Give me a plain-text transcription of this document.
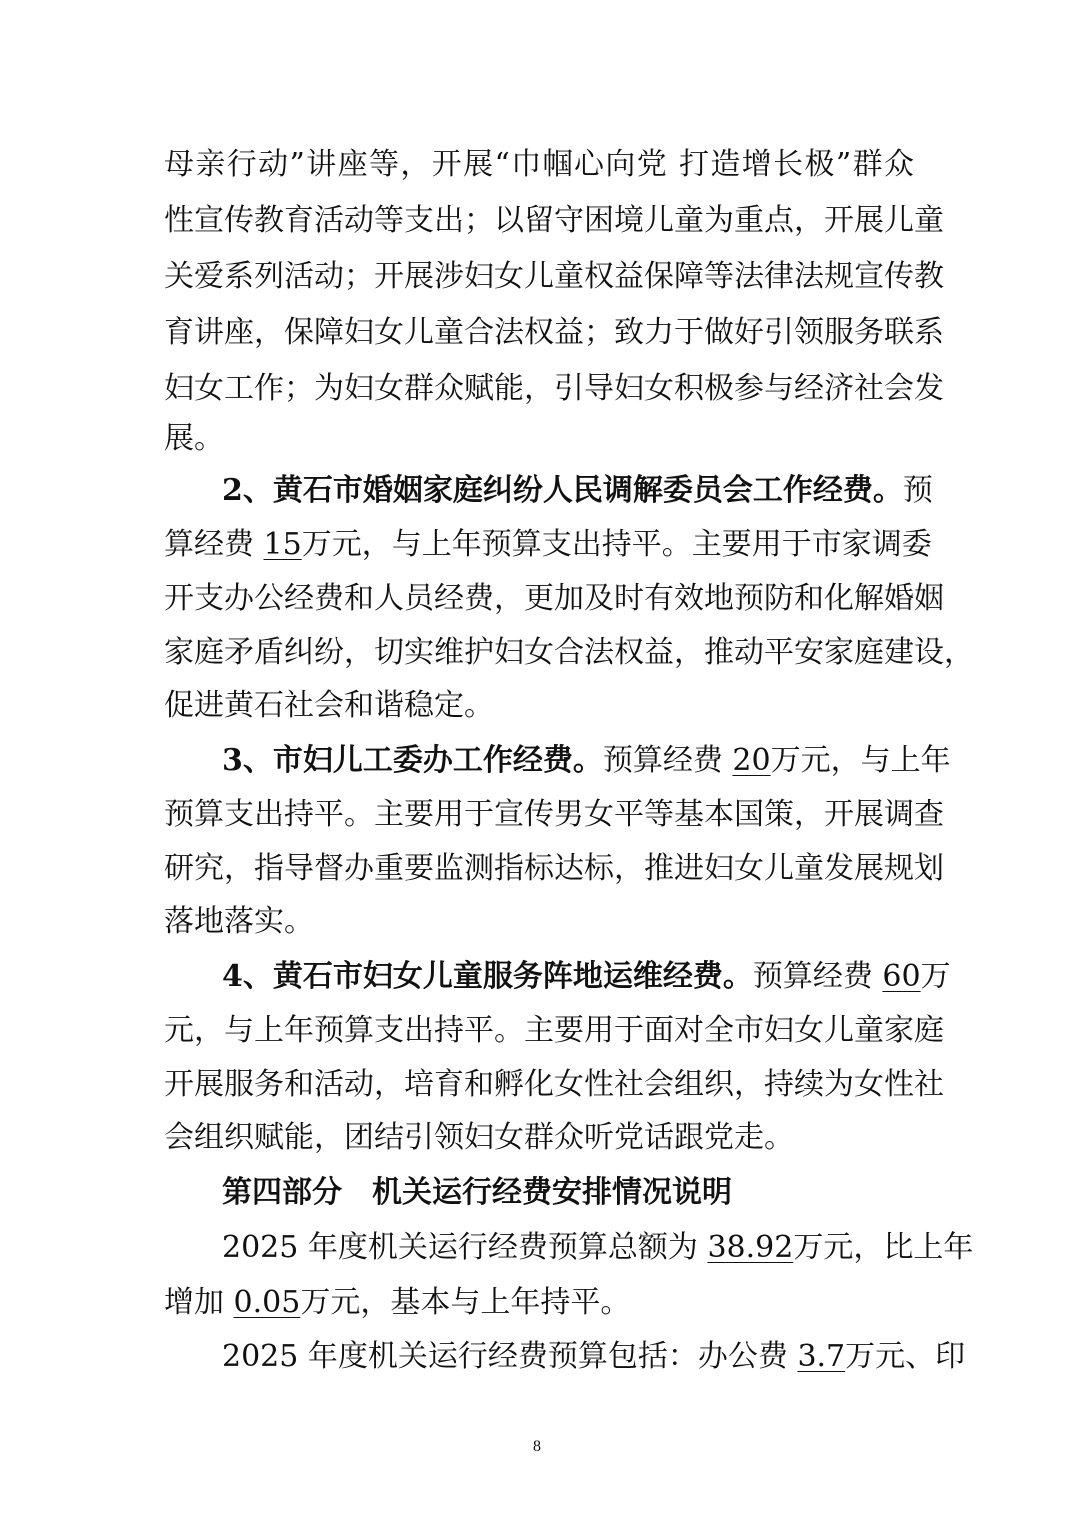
母亲行动”讲座等，开展“巾帼心向党 打造增长极”群众
性宣传教育活动等支出；以留守困境儿童为重点，开展儿童
关爱系列活动；开展涉妇女儿童权益保障等法律法规宣传教
育讲座，保障妇女儿童合法权益；致力于做好引领服务联系
妇女工作；为妇女群众赋能，引导妇女积极参与经济社会发
展。
2、黄石市婚姻家庭纠纷人民调解委员会工作经费。预
算经费 15万元，与上年预算支出持平。主要用于市家调委
开支办公经费和人员经费，更加及时有效地预防和化解婚姻
家庭矛盾纠纷，切实维护妇女合法权益，推动平安家庭建设，
促进黄石社会和谐稳定。
3、市妇儿工委办工作经费。预算经费 20万元，与上年
预算支出持平。主要用于宣传男女平等基本国策，开展调查
研究，指导督办重要监测指标达标，推进妇女儿童发展规划
落地落实。
4、黄石市妇女儿童服务阵地运维经费。预算经费 60万
元，与上年预算支出持平。主要用于面对全市妇女儿童家庭
开展服务和活动，培育和孵化女性社会组织，持续为女性社
会组织赋能，团结引领妇女群众听党话跟党走。
第四部分　机关运行经费安排情况说明
2025 年度机关运行经费预算总额为 38.92万元，比上年
增加 0.05万元，基本与上年持平。
2025 年度机关运行经费预算包括：办公费 3.7万元、印
8
